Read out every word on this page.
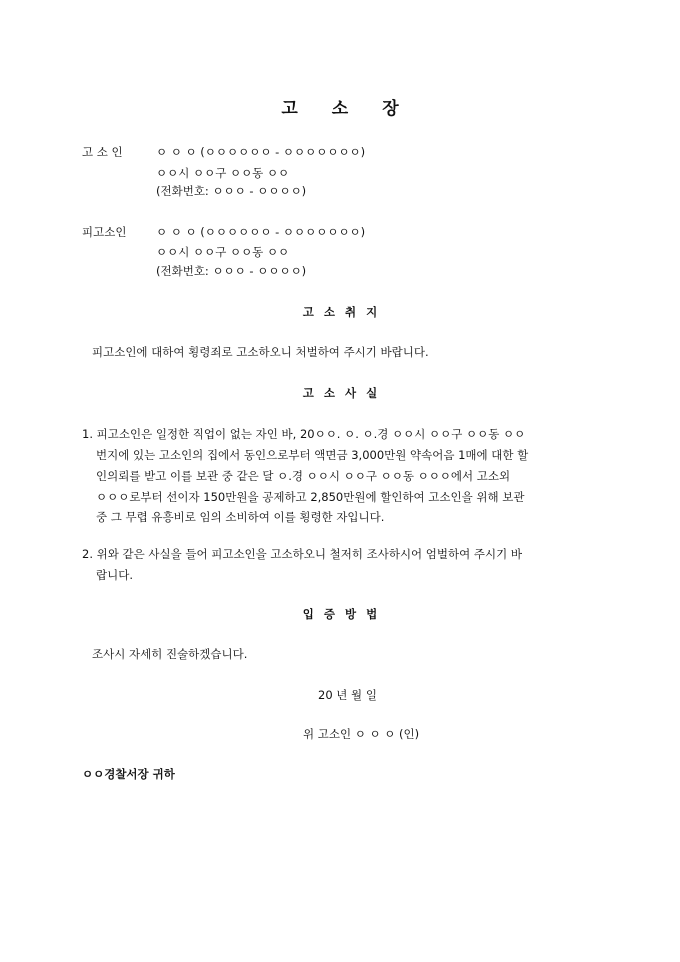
고 소 장
고 소 인	ㅇ ㅇ ㅇ (ㅇㅇㅇㅇㅇㅇ - ㅇㅇㅇㅇㅇㅇㅇ)
ㅇㅇ시 ㅇㅇ구 ㅇㅇ동 ㅇㅇ
(전화번호: ㅇㅇㅇ - ㅇㅇㅇㅇ)
피고소인	ㅇ ㅇ ㅇ (ㅇㅇㅇㅇㅇㅇ - ㅇㅇㅇㅇㅇㅇㅇ)
ㅇㅇ시 ㅇㅇ구 ㅇㅇ동 ㅇㅇ
(전화번호: ㅇㅇㅇ - ㅇㅇㅇㅇ)
고 소 취 지
피고소인에 대하여 횡령죄로 고소하오니 처벌하여 주시기 바랍니다.
고 소 사 실
1. 피고소인은 일정한 직업이 없는 자인 바, 20ㅇㅇ. ㅇ. ㅇ.경 ㅇㅇ시 ㅇㅇ구 ㅇㅇ동 ㅇㅇ
번지에 있는 고소인의 집에서 동인으로부터 액면금 3,000만원 약속어음 1매에 대한 할
인의뢰를 받고 이를 보관 중 같은 달 ㅇ.경 ㅇㅇ시 ㅇㅇ구 ㅇㅇ동 ㅇㅇㅇ에서 고소외
ㅇㅇㅇ로부터 선이자 150만원을 공제하고 2,850만원에 할인하여 고소인을 위해 보관
중 그 무렵 유흥비로 임의 소비하여 이를 횡령한 자입니다.
2. 위와 같은 사실을 들어 피고소인을 고소하오니 철저히 조사하시어 엄벌하여 주시기 바
랍니다.
입 증 방 법
조사시 자세히 진술하겠습니다.
20 년 월 일
위 고소인 ㅇ ㅇ ㅇ (인)
ㅇㅇ경찰서장 귀하
